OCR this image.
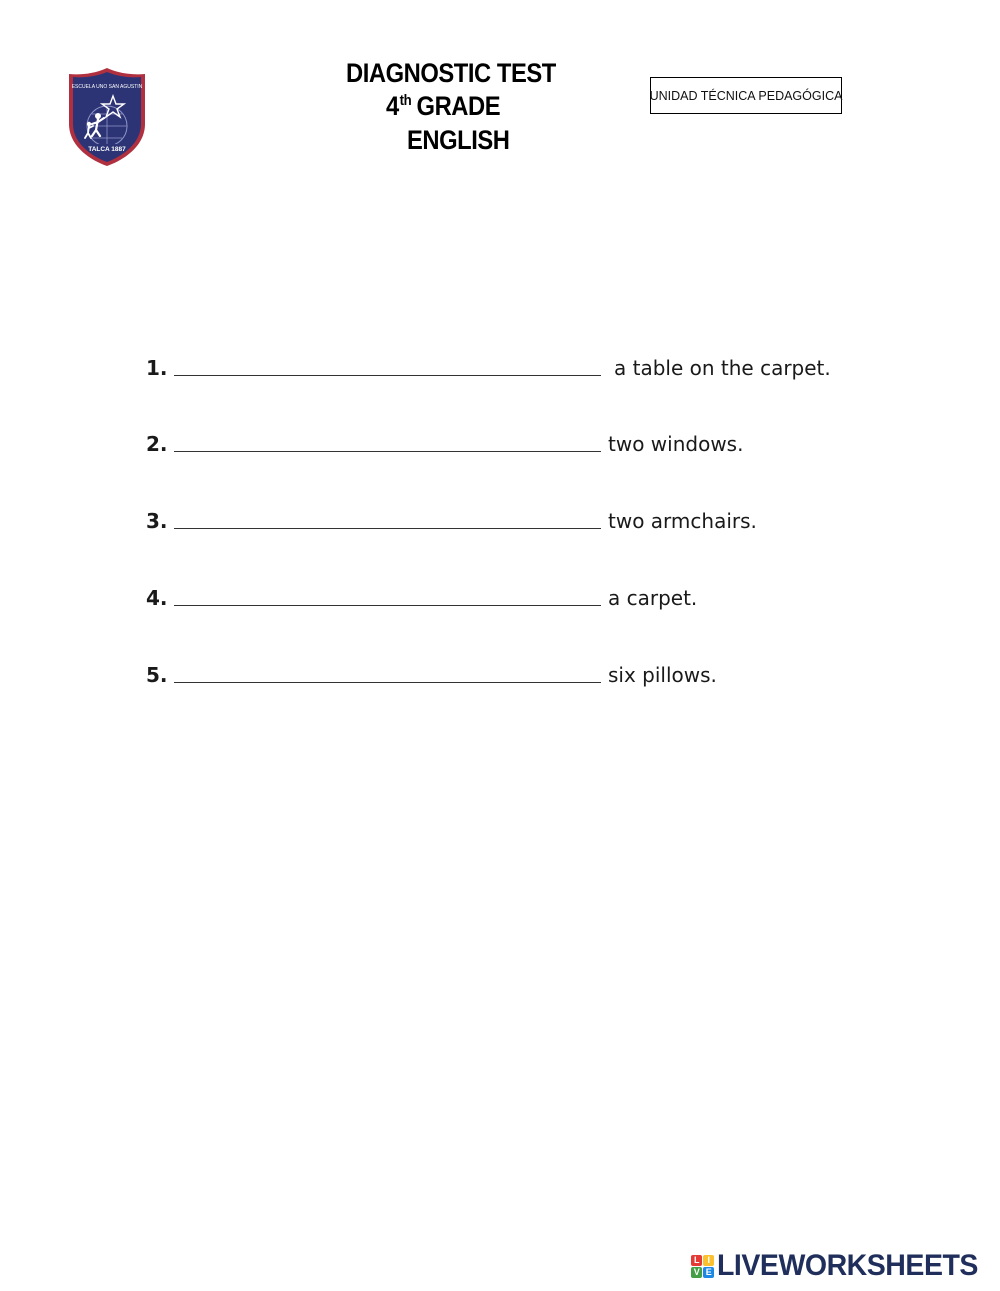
ESCUELA UNO SAN AGUSTIN
TALCA 1887
DIAGNOSTIC TEST
4th GRADE
ENGLISH
UNIDAD TÉCNICA PEDAGÓGICA
1.	a table on the carpet.
2.	two windows.
3.	two armchairs.
4.	a carpet.
5.	six pillows.
L I
V E LIVEWORKSHEETS
